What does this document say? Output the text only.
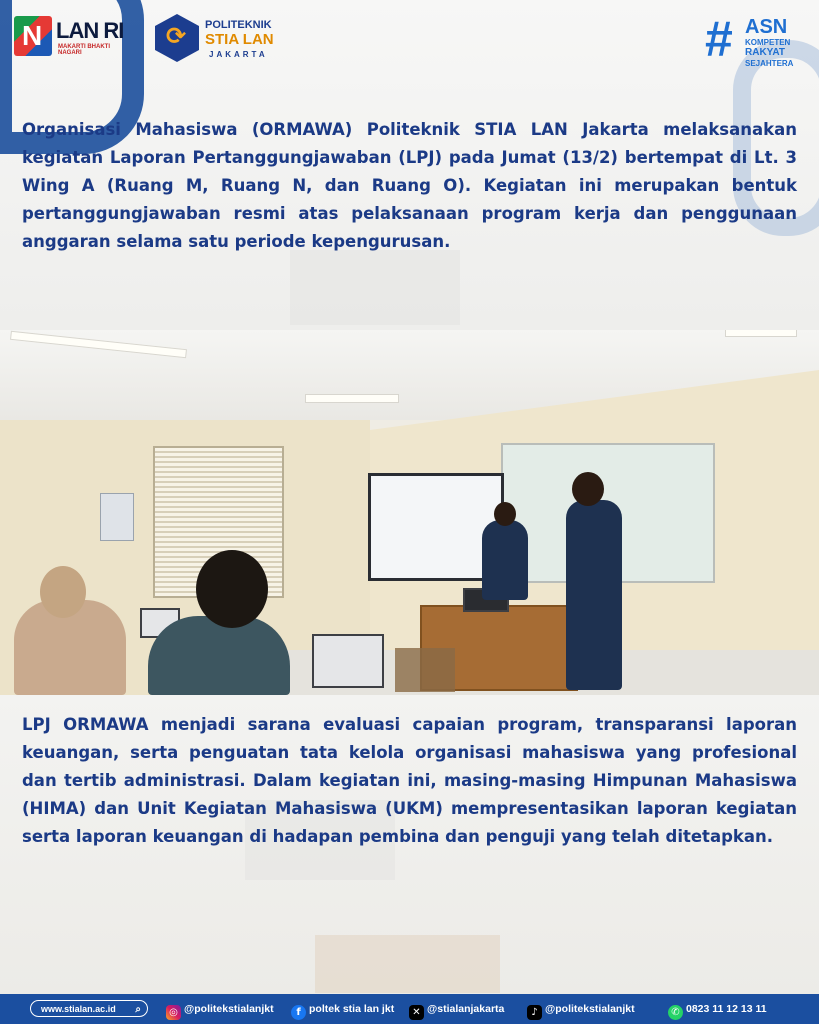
N
LAN RI
MAKARTI BHAKTI NAGARI
⟳
POLITEKNIK
STIA LAN
JAKARTA	# ASN
KOMPETEN
RAKYAT
SEJAHTERA

Organisasi Mahasiswa (ORMAWA) Politeknik STIA LAN Jakarta melaksanakan kegiatan Laporan Pertanggungjawaban (LPJ) pada Jumat (13/2) bertempat di Lt. 3 Wing A (Ruang M, Ruang N, dan Ruang O). Kegiatan ini merupakan bentuk pertanggungjawaban resmi atas pelaksanaan program kerja dan penggunaan anggaran selama satu periode kepengurusan.

LPJ ORMAWA menjadi sarana evaluasi capaian program, transparansi laporan keuangan, serta penguatan tata kelola organisasi mahasiswa yang profesional dan tertib administrasi. Dalam kegiatan ini, masing-masing Himpunan Mahasiswa (HIMA) dan Unit Kegiatan Mahasiswa (UKM) mempresentasikan laporan kegiatan serta laporan keuangan di hadapan pembina dan penguji yang telah ditetapkan.

www.stialan.ac.id ⌕	◎ @politekstialanjkt	f poltek stia lan jkt	✕ @stialanjakarta	♪ @politekstialanjkt	✆ 0823 11 12 13 11
